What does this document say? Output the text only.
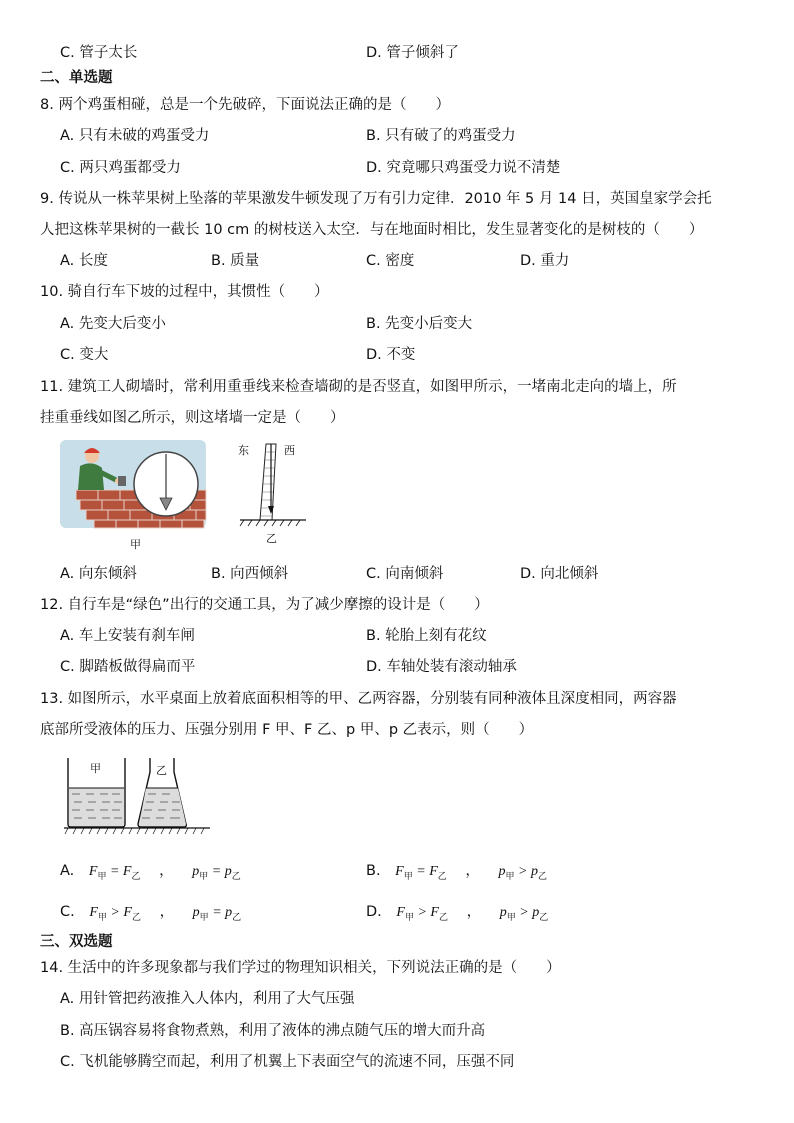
C. 管子太长	D. 管子倾斜了
二、单选题
8. 两个鸡蛋相碰，总是一个先破碎，下面说法正确的是（　　）
A. 只有未破的鸡蛋受力	B. 只有破了的鸡蛋受力
C. 两只鸡蛋都受力	D. 究竟哪只鸡蛋受力说不清楚
9. 传说从一株苹果树上坠落的苹果激发牛顿发现了万有引力定律．2010 年 5 月 14 日，英国皇家学会托
人把这株苹果树的一截长 10 cm 的树枝送入太空．与在地面时相比，发生显著变化的是树枝的（　　）
A. 长度	B. 质量	C. 密度	D. 重力
10. 骑自行车下坡的过程中，其惯性（　　）
A. 先变大后变小	B. 先变小后变大
C. 变大	D. 不变
11. 建筑工人砌墙时，常利用重垂线来检查墙砌的是否竖直，如图甲所示，一堵南北走向的墙上，所
挂重垂线如图乙所示，则这堵墙一定是（　　）
甲
东	西
乙
A. 向东倾斜	B. 向西倾斜	C. 向南倾斜	D. 向北倾斜
12. 自行车是“绿色”出行的交通工具，为了减少摩擦的设计是（　　）
A. 车上安装有刹车闸	B. 轮胎上刻有花纹
C. 脚踏板做得扁而平	D. 车轴处装有滚动轴承
13. 如图所示，水平桌面上放着底面积相等的甲、乙两容器，分别装有同种液体且深度相同，两容器
底部所受液体的压力、压强分别用 F 甲、F 乙、p 甲、p 乙表示，则（　　）
甲	乙
A. $F_甲 = F_乙$ ， $p_甲 = p_乙$	B. $F_甲 = F_乙$ ， $p_甲 > p_乙$
C. $F_甲 > F_乙$ ， $p_甲 = p_乙$	D. $F_甲 > F_乙$ ， $p_甲 > p_乙$
三、双选题
14. 生活中的许多现象都与我们学过的物理知识相关，下列说法正确的是（　　）
A. 用针管把药液推入人体内，利用了大气压强
B. 高压锅容易将食物煮熟，利用了液体的沸点随气压的增大而升高
C. 飞机能够腾空而起，利用了机翼上下表面空气的流速不同，压强不同
